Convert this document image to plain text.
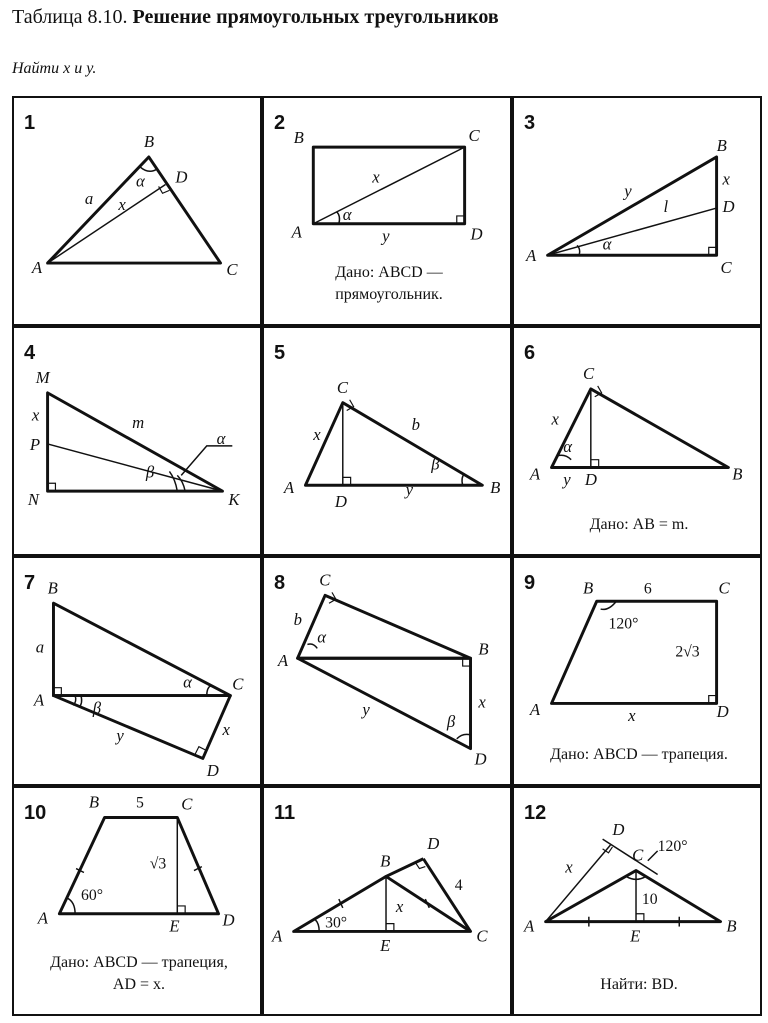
Таблица 8.10. Решение прямоугольных треугольников
Найти x и y.
1
B
A	C
D
a x
α
2
B	C
A	D
x
y
α
Дано: ABCD —
прямоугольник.
3
B
A
C
D
x
y
l
α
4
M
P
N	K
x	m
β
α
5
C
A	B
D
x
y
b
β
6
C
A	B
D
x
y
α
Дано: AB = m.
7 B
A
C
D
a
x
y
α
β
8 C
A
B
D
b
x
y
α
β
9	B	C
A	D
6
2√3
x
120°
Дано: ABCD — трапеция.
10	B	C
A	D
E
5
√3
60°
Дано: ABCD — трапеция,
AD = x.
11
B
D
A	C
E
x
4
30°
12
D
C
A	B
E
x
10
120°
Найти: BD.
